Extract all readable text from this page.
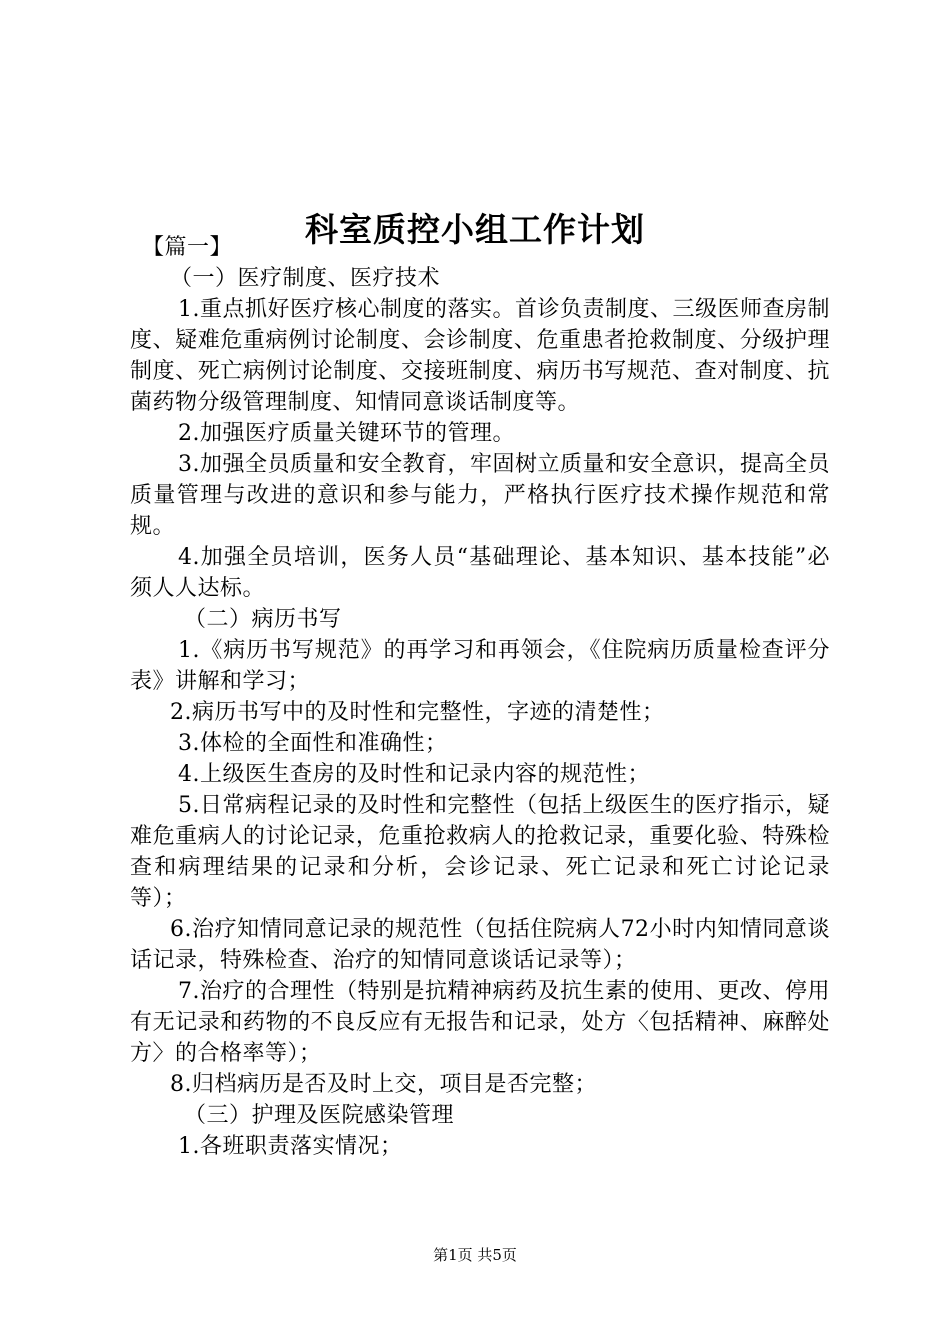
科室质控小组工作计划

【篇一】

（一）医疗制度、医疗技术

1.重点抓好医疗核心制度的落实。首诊负责制度、三级医师查房制度、疑难危重病例讨论制度、会诊制度、危重患者抢救制度、分级护理制度、死亡病例讨论制度、交接班制度、病历书写规范、查对制度、抗菌药物分级管理制度、知情同意谈话制度等。

2.加强医疗质量关键环节的管理。

3.加强全员质量和安全教育，牢固树立质量和安全意识，提高全员质量管理与改进的意识和参与能力，严格执行医疗技术操作规范和常规。

4.加强全员培训，医务人员“基础理论、基本知识、基本技能”必须人人达标。

（二）病历书写

1.《病历书写规范》的再学习和再领会，《住院病历质量检查评分表》讲解和学习；

2.病历书写中的及时性和完整性，字迹的清楚性；

3.体检的全面性和准确性；

4.上级医生查房的及时性和记录内容的规范性；

5.日常病程记录的及时性和完整性（包括上级医生的医疗指示，疑难危重病人的讨论记录，危重抢救病人的抢救记录，重要化验、特殊检查和病理结果的记录和分析，会诊记录、死亡记录和死亡讨论记录等）；

6.治疗知情同意记录的规范性（包括住院病人72小时内知情同意谈话记录，特殊检查、治疗的知情同意谈话记录等）；

7.治疗的合理性（特别是抗精神病药及抗生素的使用、更改、停用有无记录和药物的不良反应有无报告和记录，处方〈包括精神、麻醉处方〉的合格率等）；

8.归档病历是否及时上交，项目是否完整；

（三）护理及医院感染管理

1.各班职责落实情况；

第1页 共5页
